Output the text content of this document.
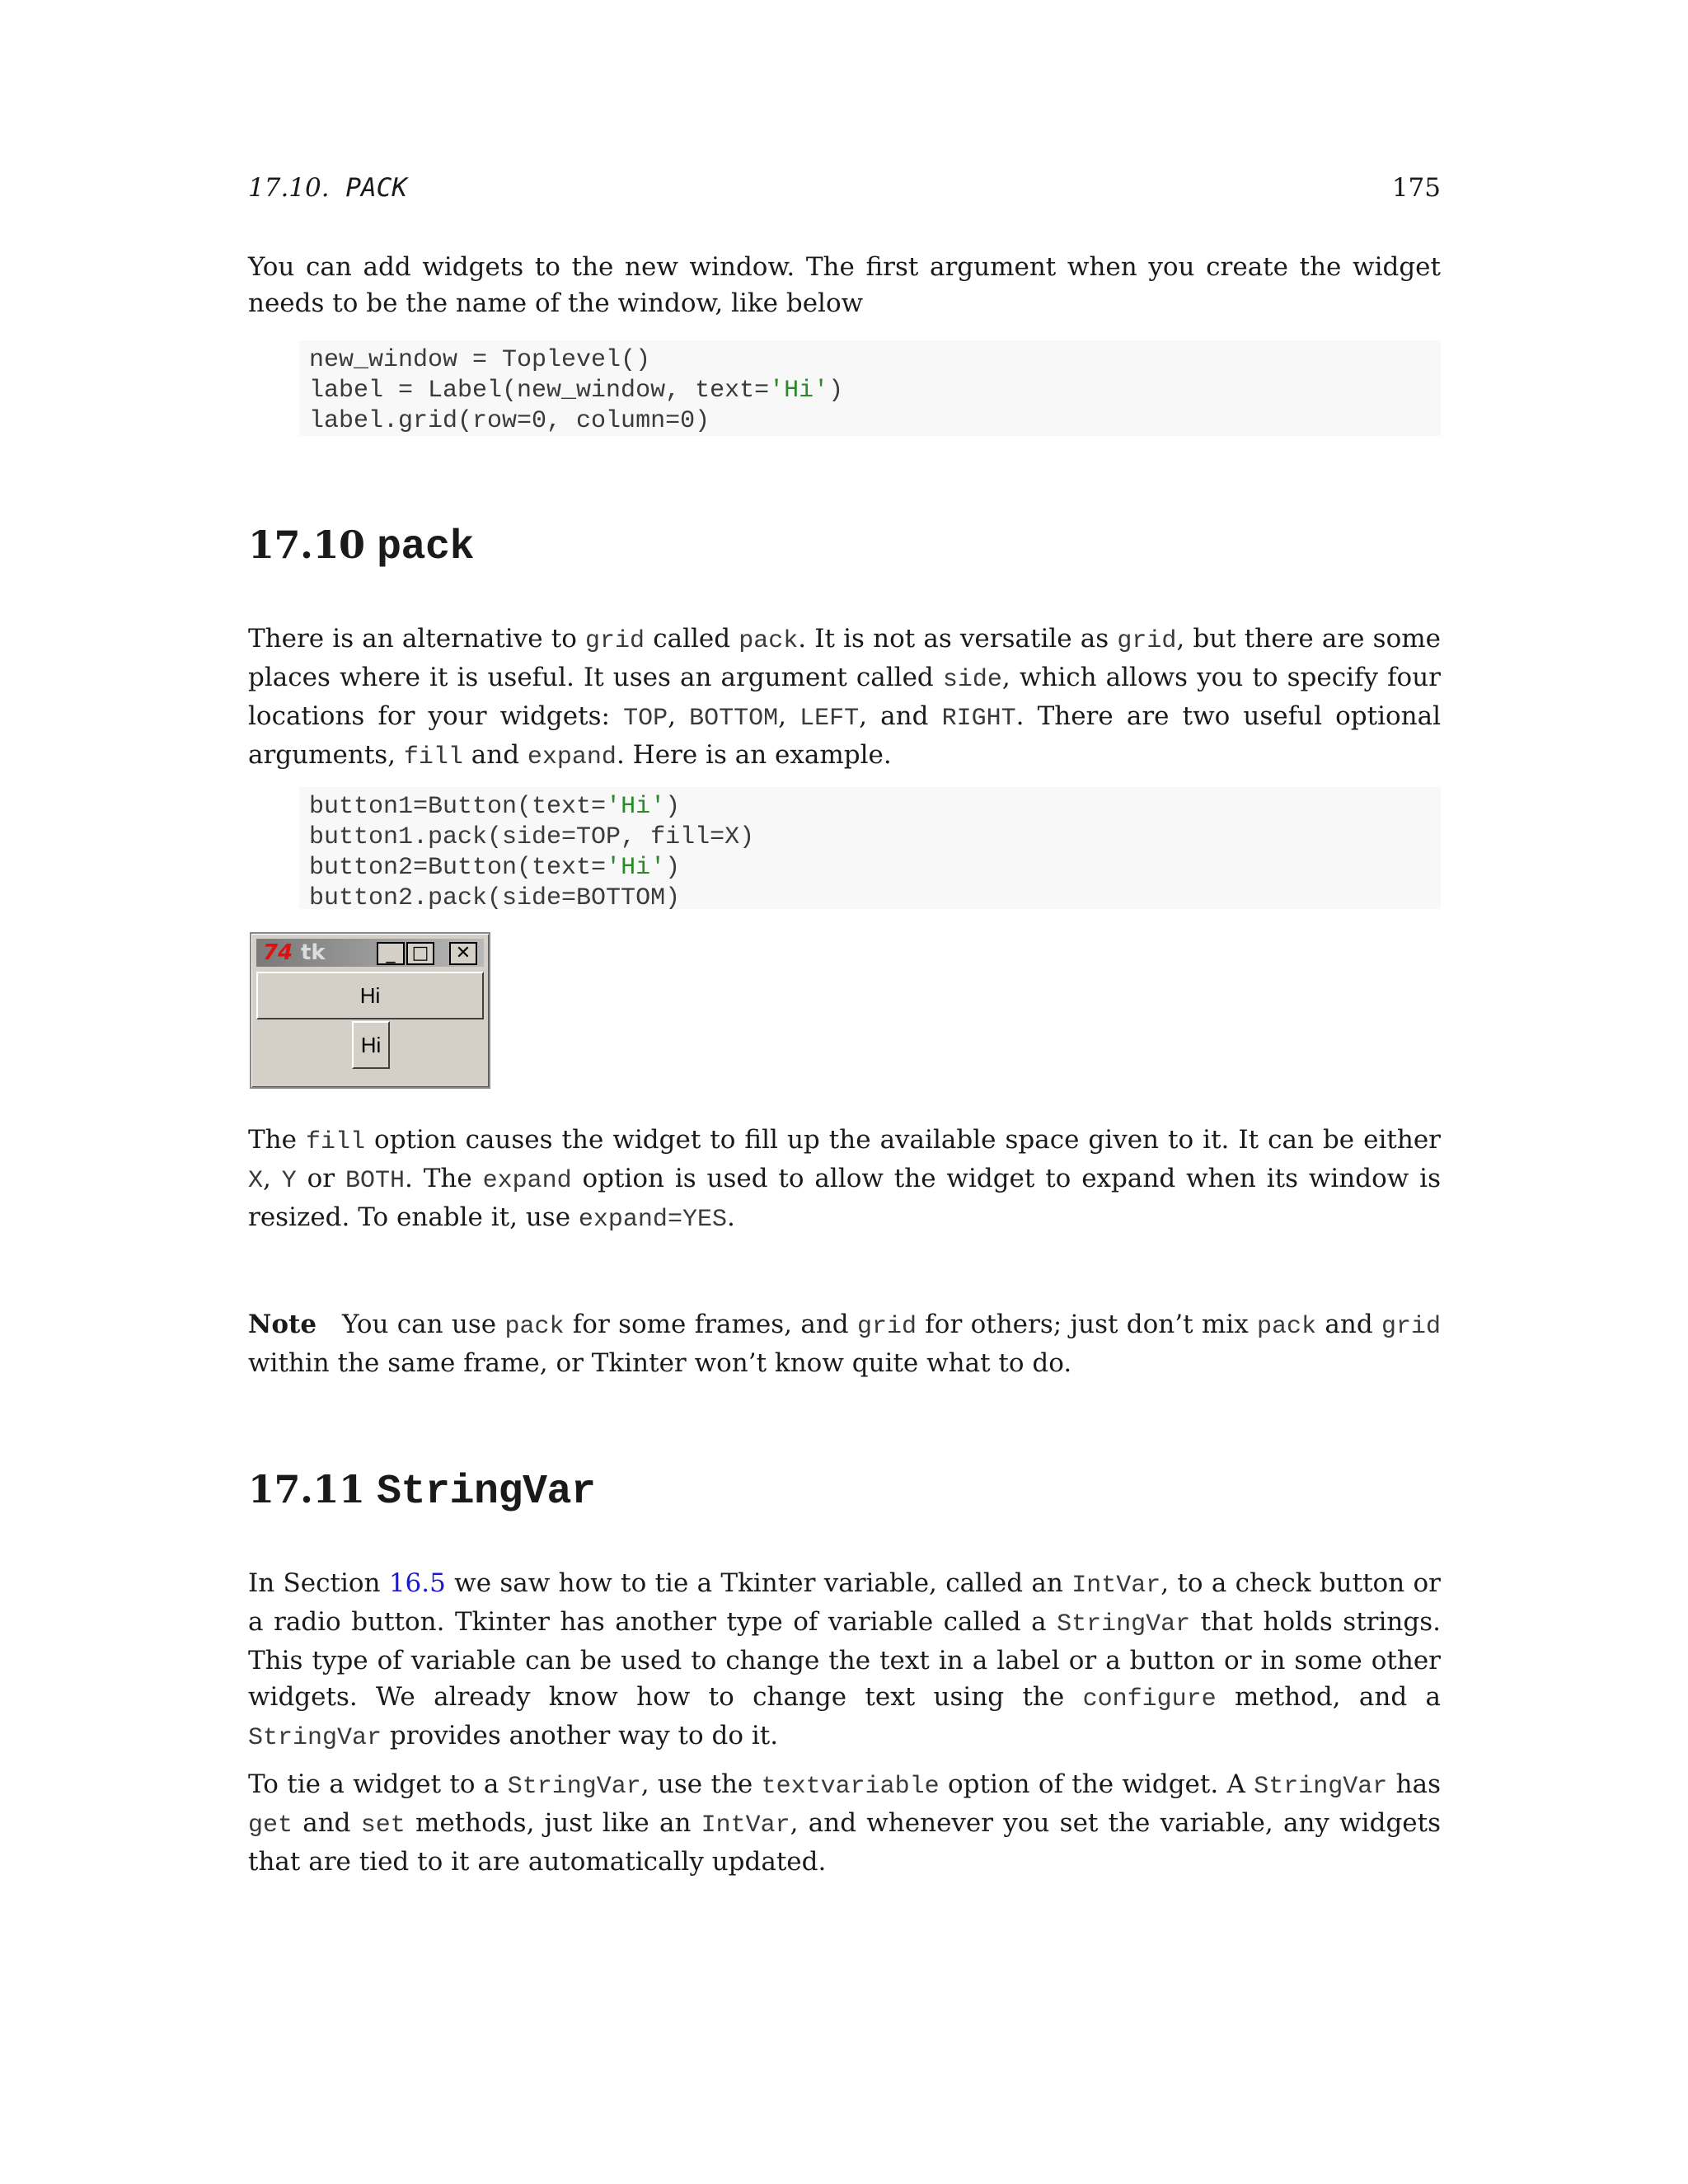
17.10. PACK	175

You can add widgets to the new window. The first argument when you create the widget needs to be the name of the window, like below

new_window = Toplevel()
label = Label(new_window, text='Hi')
label.grid(row=0, column=0)
17.10 pack

There is an alternative to grid called pack. It is not as versatile as grid, but there are some places where it is useful. It uses an argument called side, which allows you to specify four locations for your widgets: TOP, BOTTOM, LEFT, and RIGHT. There are two useful optional arguments, fill and expand. Here is an example.

button1=Button(text='Hi')
button1.pack(side=TOP, fill=X)
button2=Button(text='Hi')
button2.pack(side=BOTTOM)
74 tk	_ □	✕
Hi
Hi

The fill option causes the widget to fill up the available space given to it. It can be either X, Y or BOTH. The expand option is used to allow the widget to expand when its window is resized. To enable it, use expand=YES.

Note You can use pack for some frames, and grid for others; just don’t mix pack and grid within the same frame, or Tkinter won’t know quite what to do.

17.11 StringVar

In Section 16.5 we saw how to tie a Tkinter variable, called an IntVar, to a check button or a radio button. Tkinter has another type of variable called a StringVar that holds strings. This type of variable can be used to change the text in a label or a button or in some other widgets. We already know how to change text using the configure method, and a StringVar provides another way to do it.

To tie a widget to a StringVar, use the textvariable option of the widget. A StringVar has get and set methods, just like an IntVar, and whenever you set the variable, any widgets that are tied to it are automatically updated.
